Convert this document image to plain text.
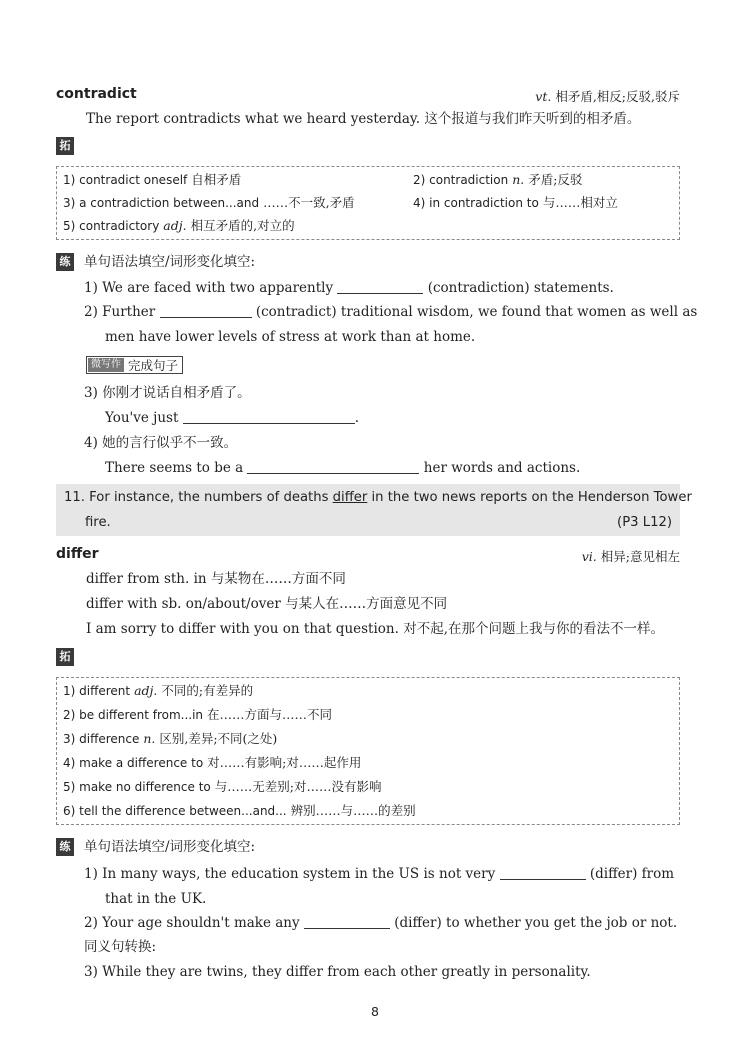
contradict	vt. 相矛盾,相反;反驳,驳斥
The report contradicts what we heard yesterday. 这个报道与我们昨天听到的相矛盾。
拓
1) contradict oneself 自相矛盾	2) contradiction n. 矛盾;反驳
3) a contradiction between...and ……不一致,矛盾	4) in contradiction to 与……相对立
5) contradictory adj. 相互矛盾的,对立的
练 单句语法填空/词形变化填空:
1) We are faced with two apparently	(contradiction) statements.
2) Further	(contradict) traditional wisdom, we found that women as well as
men have lower levels of stress at work than at home.
微写作 完成句子
3) 你刚才说话自相矛盾了。
You've just	.
4) 她的言行似乎不一致。
There seems to be a	her words and actions.
11. For instance, the numbers of deaths differ in the two news reports on the Henderson Tower
fire.	(P3 L12)
differ	vi. 相异;意见相左
differ from sth. in 与某物在……方面不同
differ with sb. on/about/over 与某人在……方面意见不同
I am sorry to differ with you on that question. 对不起,在那个问题上我与你的看法不一样。
拓
1) different adj. 不同的;有差异的
2) be different from...in 在……方面与……不同
3) difference n. 区别,差异;不同(之处)
4) make a difference to 对……有影响;对……起作用
5) make no difference to 与……无差别;对……没有影响
6) tell the difference between...and... 辨别……与……的差别
练 单句语法填空/词形变化填空:
1) In many ways, the education system in the US is not very	(differ) from
that in the UK.
2) Your age shouldn't make any	(differ) to whether you get the job or not.
同义句转换:
3) While they are twins, they differ from each other greatly in personality.
8
